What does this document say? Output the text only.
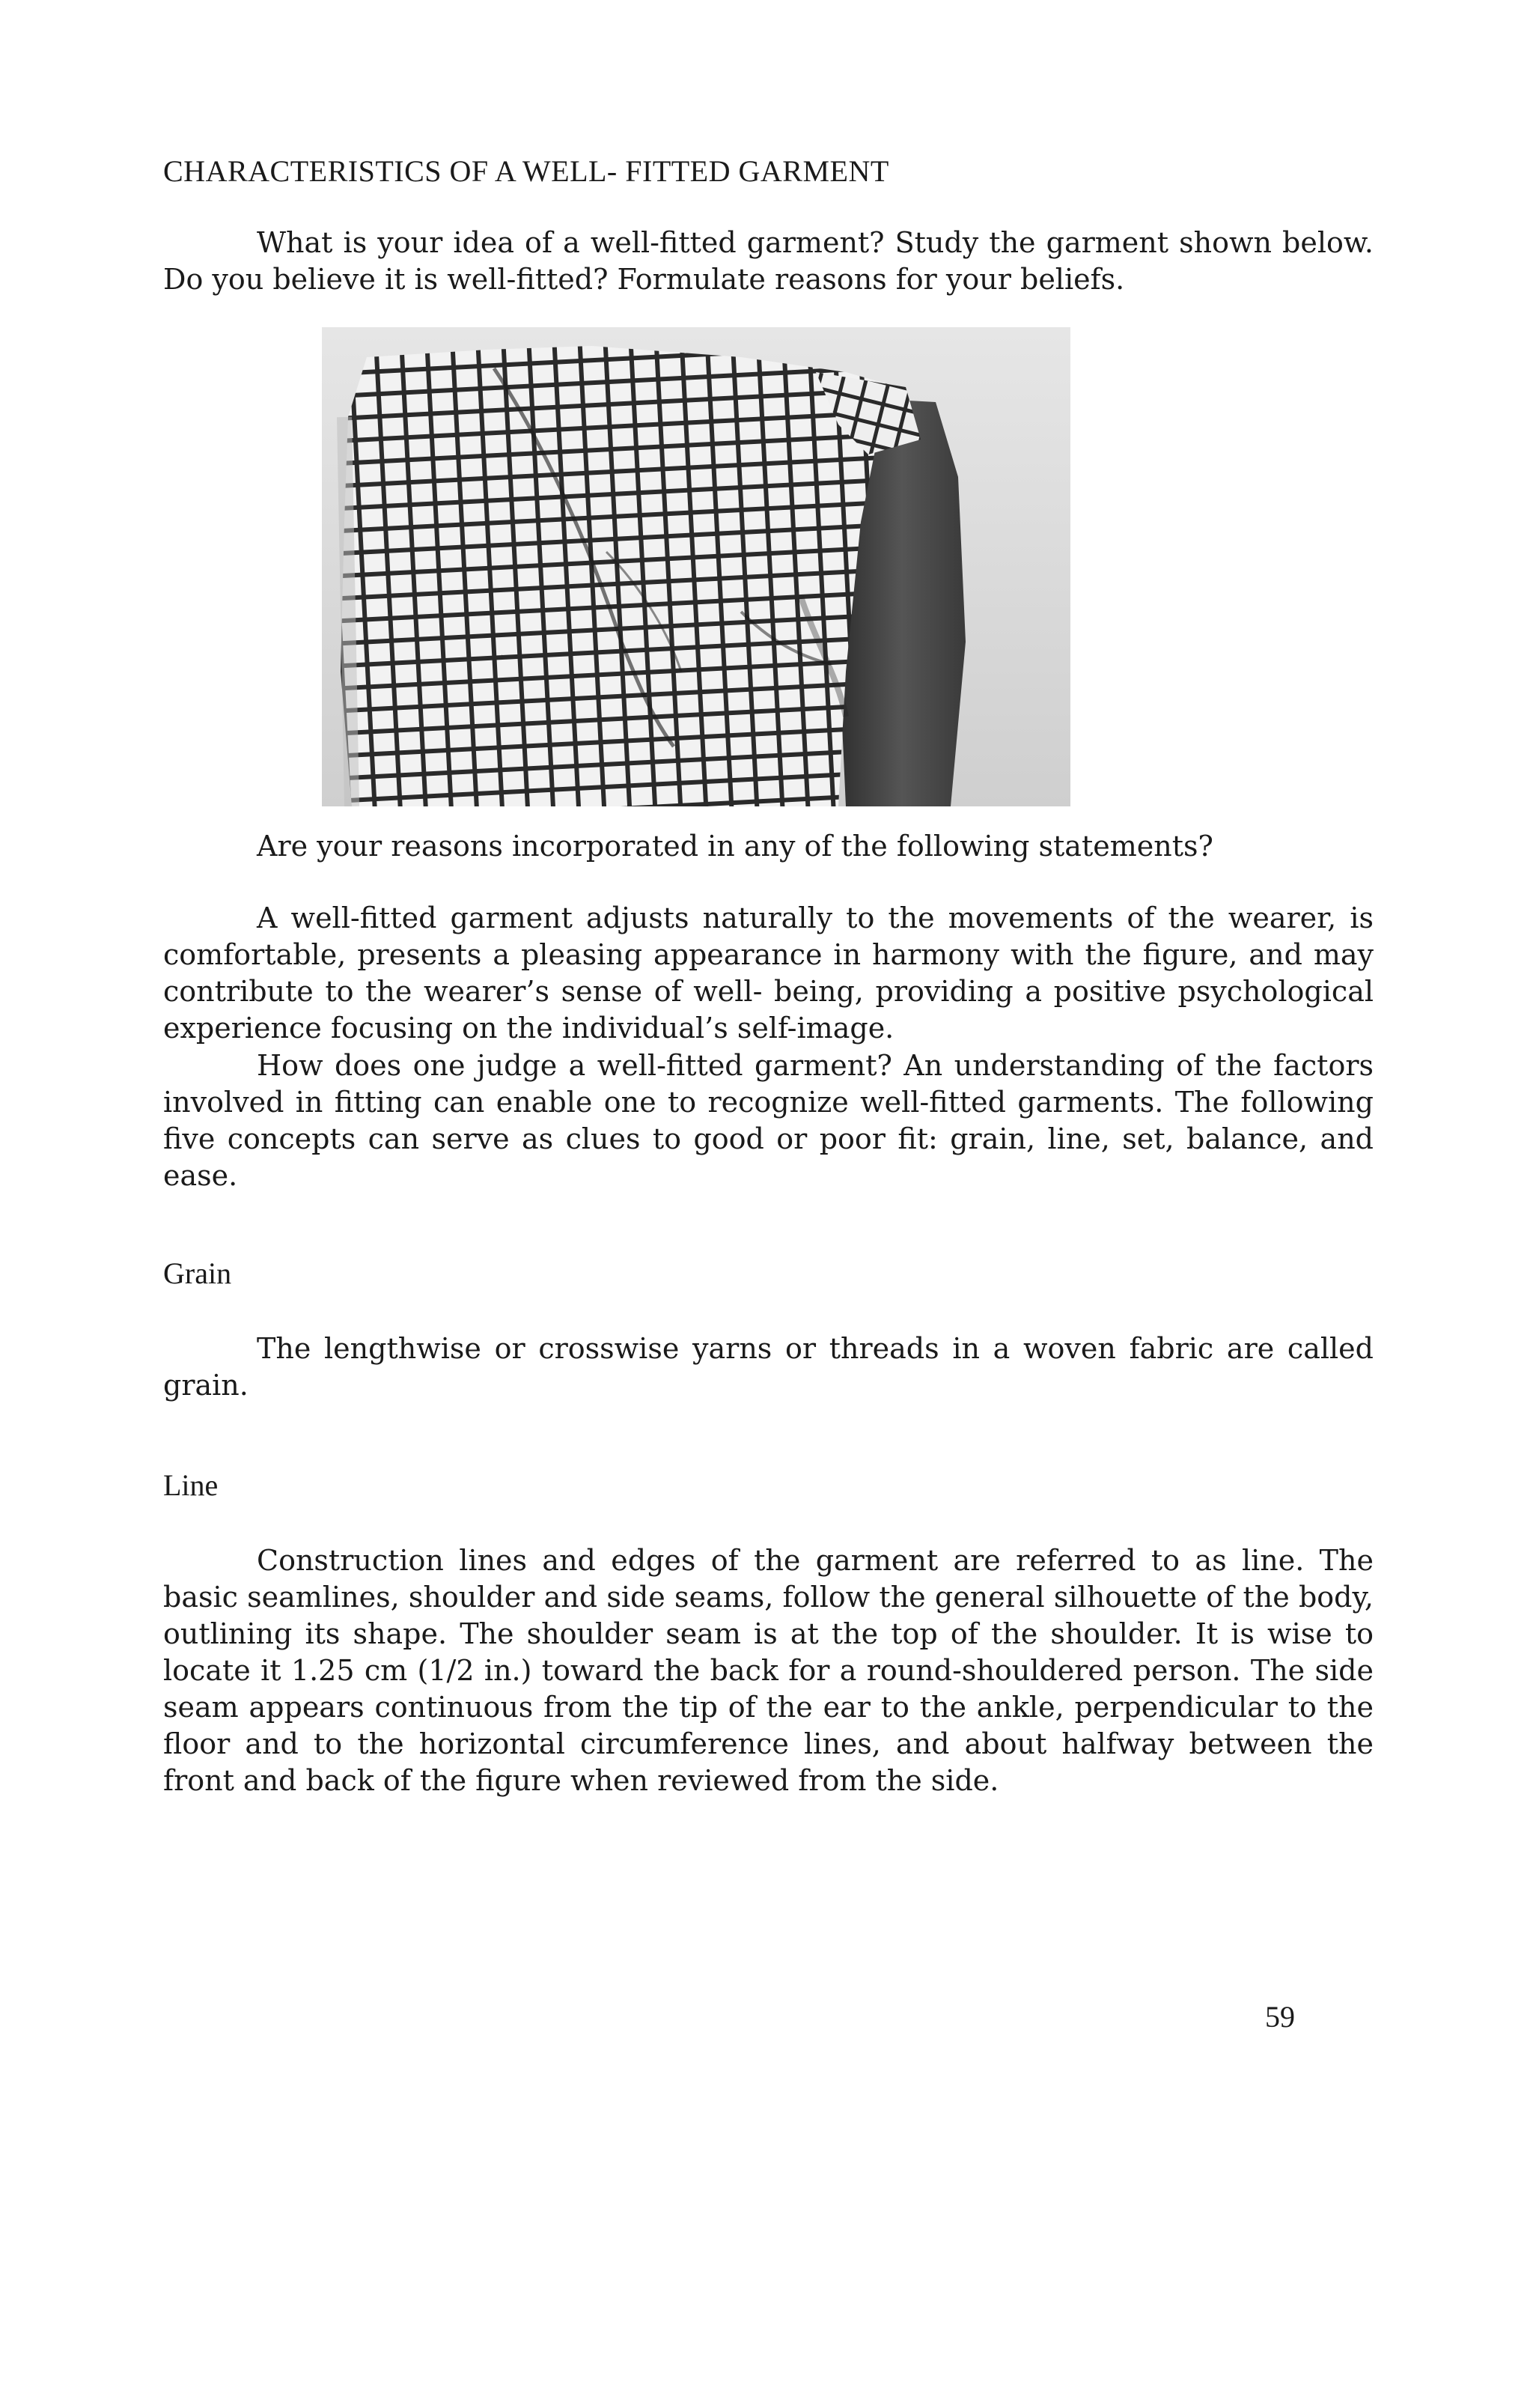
CHARACTERISTICS OF A WELL- FITTED GARMENT

What is your idea of a well-fitted garment? Study the garment shown below. Do you believe it is well-fitted? Formulate reasons for your beliefs.

Are your reasons incorporated in any of the following statements?

A well-fitted garment adjusts naturally to the movements of the wearer, is comfortable, presents a pleasing appearance in harmony with the figure, and may contribute to the wearer’s sense of well- being, providing a positive psychological experience focusing on the individual’s self-image.

How does one judge a well-fitted garment? An understanding of the factors involved in fitting can enable one to recognize well-fitted garments. The following five concepts can serve as clues to good or poor fit: grain, line, set, balance, and ease.

Grain

The lengthwise or crosswise yarns or threads in a woven fabric are called grain.

Line

Construction lines and edges of the garment are referred to as line. The basic seamlines, shoulder and side seams, follow the general silhouette of the body, outlining its shape. The shoulder seam is at the top of the shoulder. It is wise to locate it 1.25 cm (1/2 in.) toward the back for a round-shouldered person. The side seam appears continuous from the tip of the ear to the ankle, perpendicular to the floor and to the horizontal circumference lines, and about halfway between the front and back of the figure when reviewed from the side.

59
